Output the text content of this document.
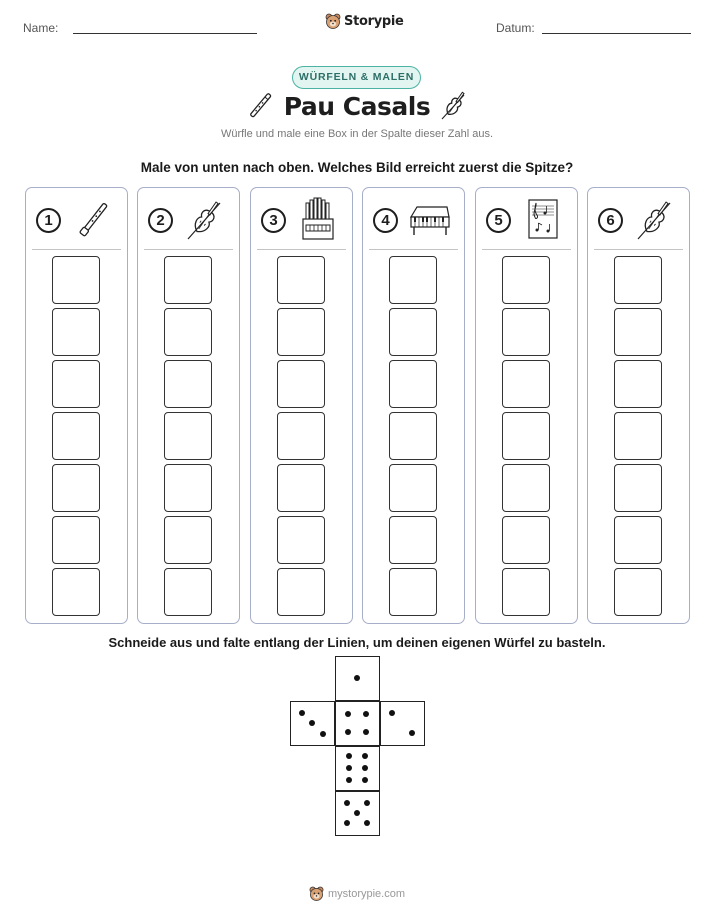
Name:	Storypie	Datum:
WÜRFELN & MALEN
Pau Casals
Würfle und male eine Box in der Spalte dieser Zahl aus.
Male von unten nach oben. Welches Bild erreicht zuerst die Spitze?
1	2	3	4	5	6
Schneide aus und falte entlang der Linien, um deinen eigenen Würfel zu basteln.
mystorypie.com
